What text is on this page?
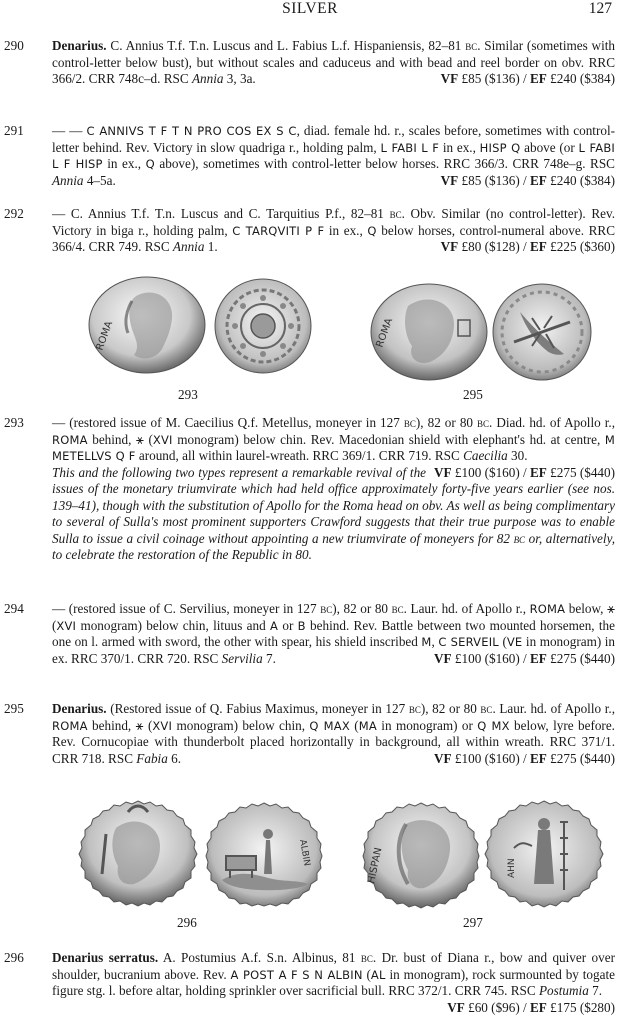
SILVER	127
290 Denarius. C. Annius T.f. T.n. Luscus and L. Fabius L.f. Hispaniensis, 82–81 bc. Similar (sometimes with control-letter below bust), but without scales and caduceus and with bead and reel border on obv. RRC 366/2. CRR 748c–d. RSC Annia 3, 3a.	VF £85 ($136) / EF £240 ($384)
291 — — C ANNIVS T F T N PRO COS EX S C, diad. female hd. r., scales before, sometimes with control-letter behind. Rev. Victory in slow quadriga r., holding palm, L FABI L F in ex., HISP Q above (or L FABI L F HISP in ex., Q above), sometimes with control-letter below horses. RRC 366/3. CRR 748e–g. RSC Annia 4–5a.	VF £85 ($136) / EF £240 ($384)
292 — C. Annius T.f. T.n. Luscus and C. Tarquitius P.f., 82–81 bc. Obv. Similar (no control-letter). Rev. Victory in biga r., holding palm, C TARQVITI P F in ex., Q below horses, control-numeral above. RRC 366/4. CRR 749. RSC Annia 1.	VF £80 ($128) / EF £225 ($360)
ROMA	ROMA
293	295
293 — (restored issue of M. Caecilius Q.f. Metellus, moneyer in 127 bc), 82 or 80 bc. Diad. hd. of Apollo r., ROMA behind, ⚹ (XVI monogram) below chin. Rev. Macedonian shield with elephant's hd. at centre, M METELLVS Q F around, all within laurel-wreath. RRC 369/1. CRR 719. RSC Caecilia 30.
VF £100 ($160) / EF £275 ($440)

This and the following two types represent a remarkable revival of the issues of the monetary triumvirate which had held office approximately forty-five years earlier (see nos. 139–41), though with the substitution of Apollo for the Roma head on obv. As well as being complimentary to several of Sulla's most prominent supporters Crawford suggests that their true purpose was to enable Sulla to issue a civil coinage without appointing a new triumvirate of moneyers for 82 bc or, alternatively, to celebrate the restoration of the Republic in 80.
294 — (restored issue of C. Servilius, moneyer in 127 bc), 82 or 80 bc. Laur. hd. of Apollo r., ROMA below, ⚹ (XVI monogram) below chin, lituus and A or B behind. Rev. Battle between two mounted horsemen, the one on l. armed with sword, the other with spear, his shield inscribed M, C SERVEIL (VE in monogram) in ex. RRC 370/1. CRR 720. RSC Servilia 7.	VF £100 ($160) / EF £275 ($440)
295 Denarius. (Restored issue of Q. Fabius Maximus, moneyer in 127 bc), 82 or 80 bc. Laur. hd. of Apollo r., ROMA behind, ⚹ (XVI monogram) below chin, Q MAX (MA in monogram) or Q MX below, lyre before. Rev. Cornucopiae with thunderbolt placed horizontally in background, all within wreath. RRC 371/1. CRR 718. RSC Fabia 6.	VF £100 ($160) / EF £275 ($440)
ALBIN	HISPAN	AHN
296	297
296 Denarius serratus. A. Postumius A.f. S.n. Albinus, 81 bc. Dr. bust of Diana r., bow and quiver over shoulder, bucranium above. Rev. A POST A F S N ALBIN (AL in monogram), rock surmounted by togate figure stg. l. before altar, holding sprinkler over sacrificial bull. RRC 372/1. CRR 745. RSC Postumia 7.
VF £60 ($96) / EF £175 ($280)
